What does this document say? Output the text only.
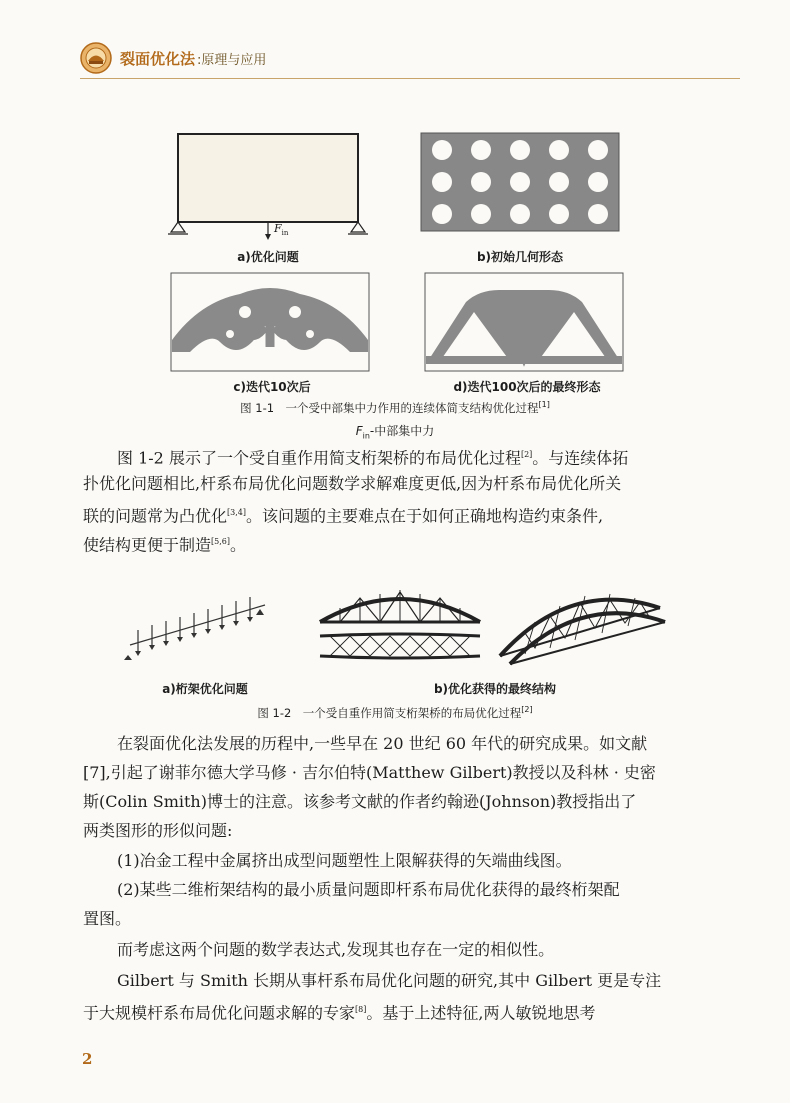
裂面优化法 :原理与应用
$F_{in}$
a)优化问题	b)初始几何形态
c)迭代10次后	d)迭代100次后的最终形态
图 1-1　一个受中部集中力作用的连续体简支结构优化过程[1]
$F_{in}-$中部集中力
图 1-2 展示了一个受自重作用简支桁架桥的布局优化过程[2]。与连续体拓
扑优化问题相比,杆系布局优化问题数学求解难度更低,因为杆系布局优化所关
联的问题常为凸优化[3,4]。该问题的主要难点在于如何正确地构造约束条件,
使结构更便于制造[5,6]。
a)桁架优化问题	b)优化获得的最终结构
图 1-2　一个受自重作用简支桁架桥的布局优化过程[2]
在裂面优化法发展的历程中,一些早在 20 世纪 60 年代的研究成果。如文献
[7],引起了谢菲尔德大学马修 · 吉尔伯特(Matthew Gilbert)教授以及科林 · 史密
斯(Colin Smith)博士的注意。该参考文献的作者约翰逊(Johnson)教授指出了
两类图形的形似问题:
(1)冶金工程中金属挤出成型问题塑性上限解获得的矢端曲线图。
(2)某些二维桁架结构的最小质量问题即杆系布局优化获得的最终桁架配
置图。
而考虑这两个问题的数学表达式,发现其也存在一定的相似性。
Gilbert 与 Smith 长期从事杆系布局优化问题的研究,其中 Gilbert 更是专注
于大规模杆系布局优化问题求解的专家[8]。基于上述特征,两人敏锐地思考
2
